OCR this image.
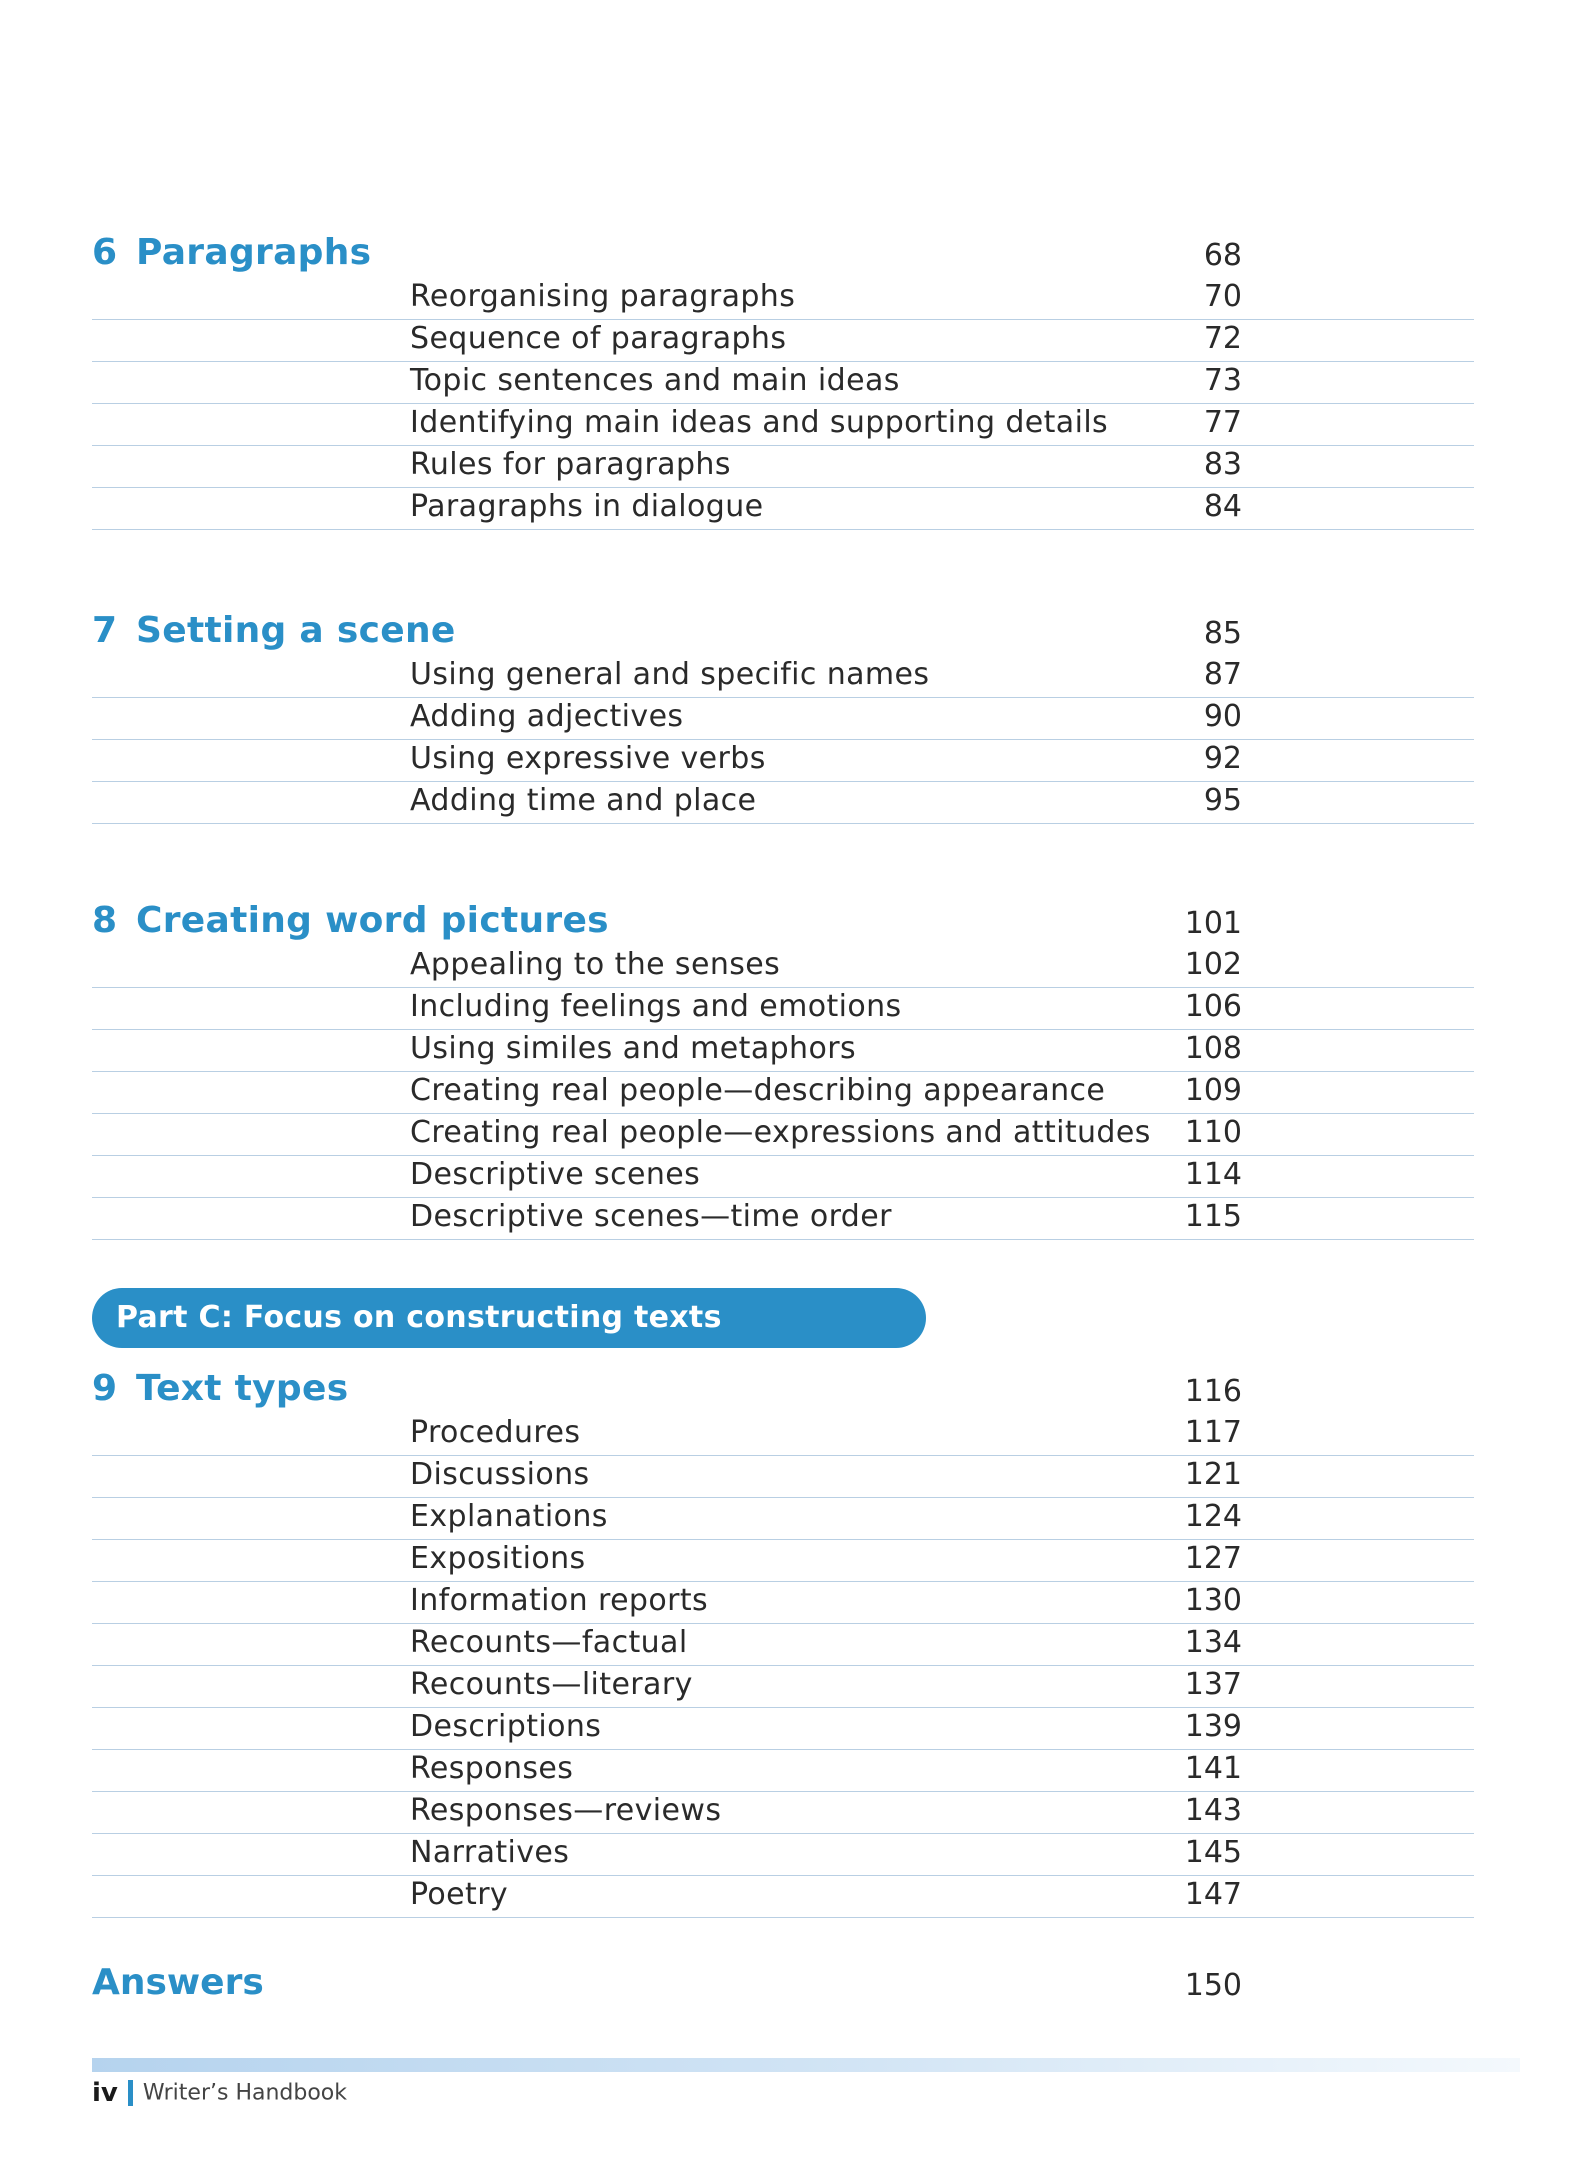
6 Paragraphs	68
Reorganising paragraphs	70
Sequence of paragraphs	72
Topic sentences and main ideas	73
Identifying main ideas and supporting details	77
Rules for paragraphs	83
Paragraphs in dialogue	84
7 Setting a scene	85
Using general and specific names	87
Adding adjectives	90
Using expressive verbs	92
Adding time and place	95
8 Creating word pictures	101
Appealing to the senses	102
Including feelings and emotions	106
Using similes and metaphors	108
Creating real people—describing appearance	109
Creating real people—expressions and attitudes	110
Descriptive scenes	114
Descriptive scenes—time order	115
Part C: Focus on constructing texts
9 Text types	116
Procedures	117
Discussions	121
Explanations	124
Expositions	127
Information reports	130
Recounts—factual	134
Recounts—literary	137
Descriptions	139
Responses	141
Responses—reviews	143
Narratives	145
Poetry	147
Answers	150
iv Writer’s Handbook
